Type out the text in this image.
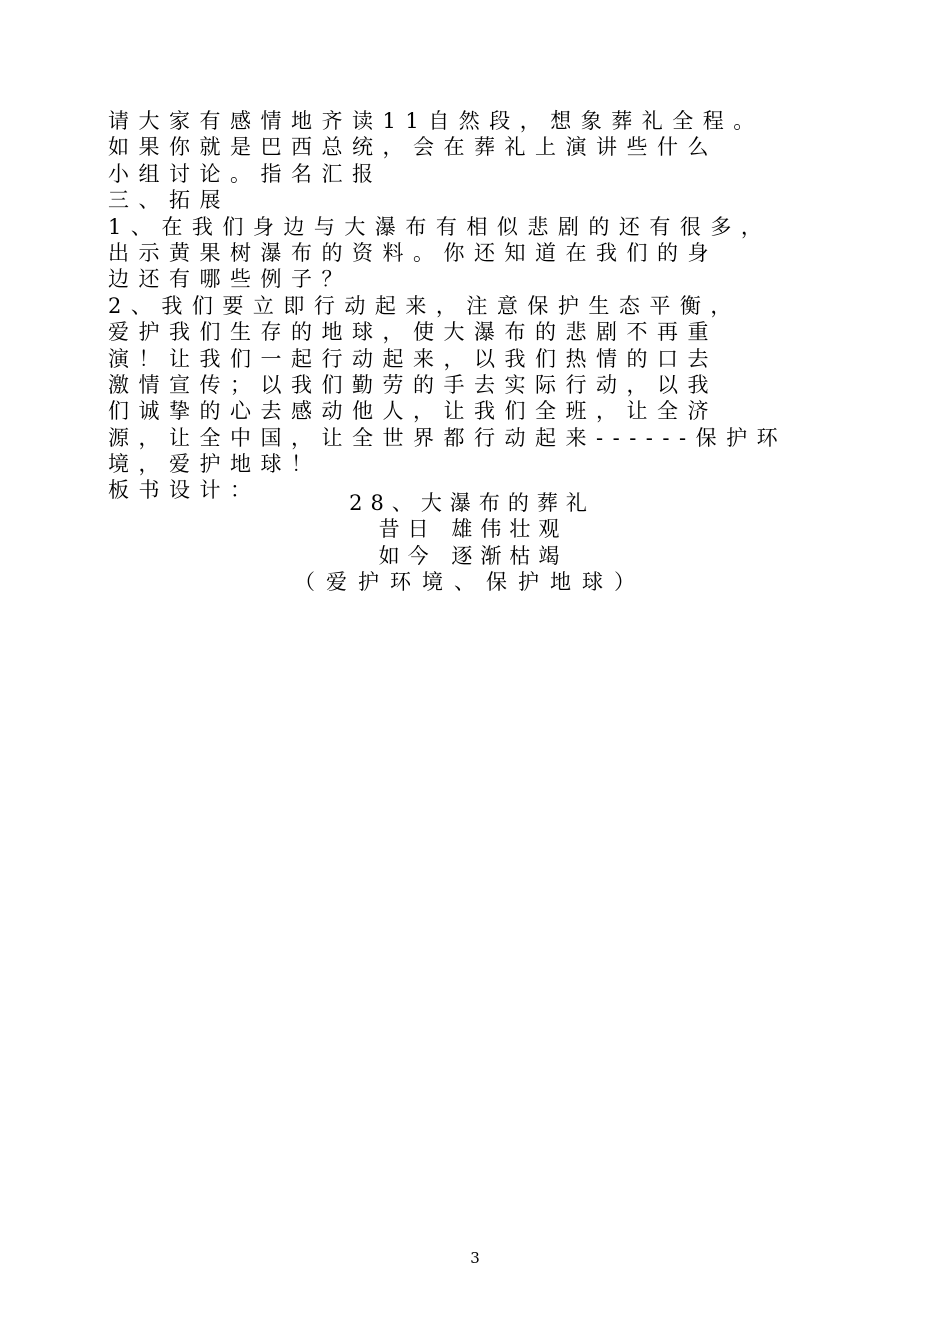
请大家有感情地齐读11自然段，想象葬礼全程。
如果你就是巴西总统，会在葬礼上演讲些什么
小组讨论。指名汇报
三、拓展
1、在我们身边与大瀑布有相似悲剧的还有很多，
出示黄果树瀑布的资料。你还知道在我们的身
边还有哪些例子？
2、我们要立即行动起来，注意保护生态平衡，
爱护我们生存的地球，使大瀑布的悲剧不再重
演！让我们一起行动起来，以我们热情的口去
激情宣传；以我们勤劳的手去实际行动，以我
们诚挚的心去感动他人，让我们全班，让全济
源，让全中国，让全世界都行动起来------保护环
境，爱护地球！
板书设计：
28、大瀑布的葬礼
昔日 雄伟壮观
如今 逐渐枯竭
（爱护环境、保护地球）
3
